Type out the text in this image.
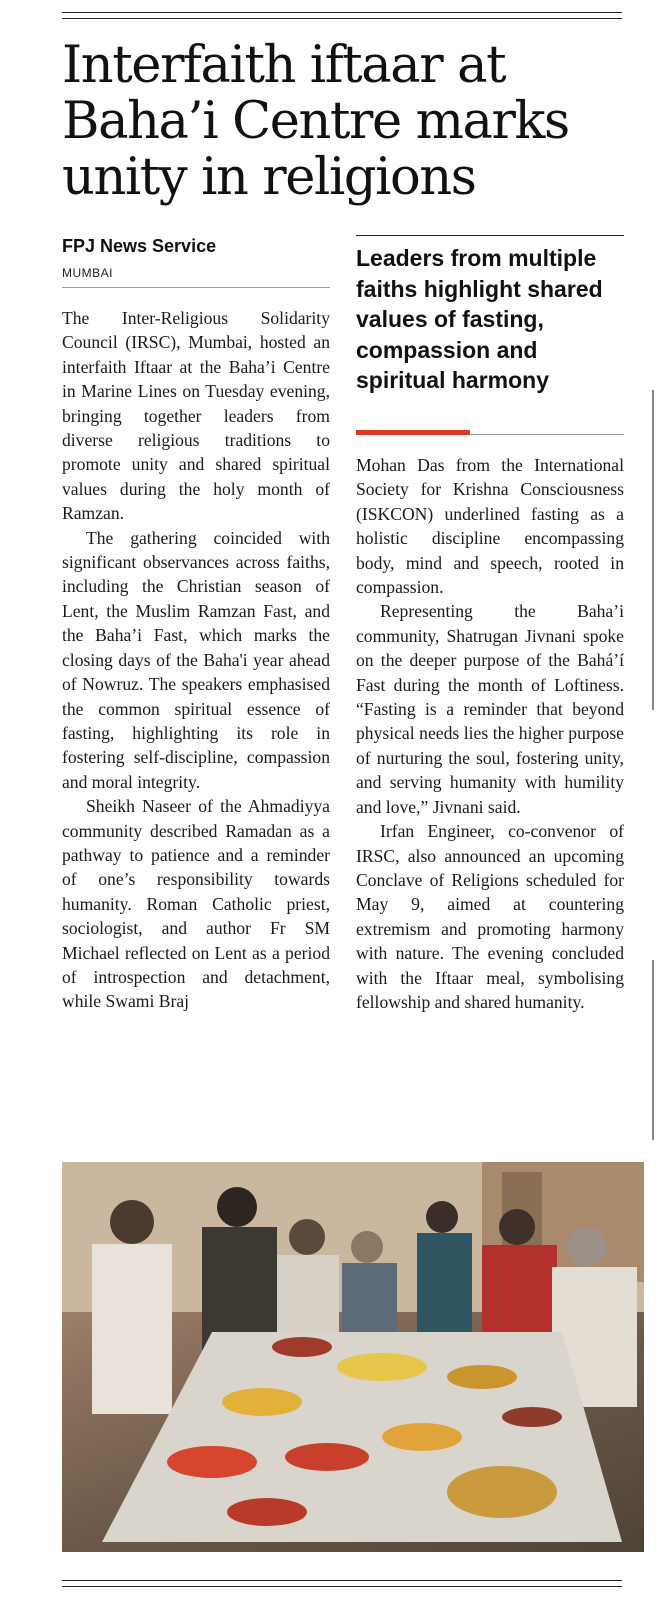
Interfaith iftaar at Baha’i Centre marks unity in religions
FPJ News Service
MUMBAI

The Inter-Religious Solidarity Council (IRSC), Mumbai, hosted an interfaith Iftaar at the Baha’i Centre in Marine Lines on Tuesday evening, bringing together leaders from diverse religious traditions to promote unity and shared spiritual values during the holy month of Ramzan.

The gathering coincided with significant observances across faiths, including the Christian season of Lent, the Muslim Ramzan Fast, and the Baha’i Fast, which marks the closing days of the Baha'i year ahead of Nowruz. The speakers emphasised the common spiritual essence of fasting, highlighting its role in fostering self-discipline, compassion and moral integrity.

Sheikh Naseer of the Ahmadiyya community described Ramadan as a pathway to patience and a reminder of one’s responsibility towards humanity. Roman Catholic priest, sociologist, and author Fr SM Michael reflected on Lent as a period of introspection and detachment, while Swami Braj

Leaders from multiple faiths highlight shared values of fasting, compassion and spiritual harmony

Mohan Das from the International Society for Krishna Consciousness (ISKCON) underlined fasting as a holistic discipline encompassing body, mind and speech, rooted in compassion.

Representing the Baha’i community, Shatrugan Jivnani spoke on the deeper purpose of the Bahá’í Fast during the month of Loftiness. “Fasting is a reminder that beyond physical needs lies the higher purpose of nurturing the soul, fostering unity, and serving humanity with humility and love,” Jivnani said.

Irfan Engineer, co-convenor of IRSC, also announced an upcoming Conclave of Religions scheduled for May 9, aimed at countering extremism and promoting harmony with nature. The evening concluded with the Iftaar meal, symbolising fellowship and shared humanity.
